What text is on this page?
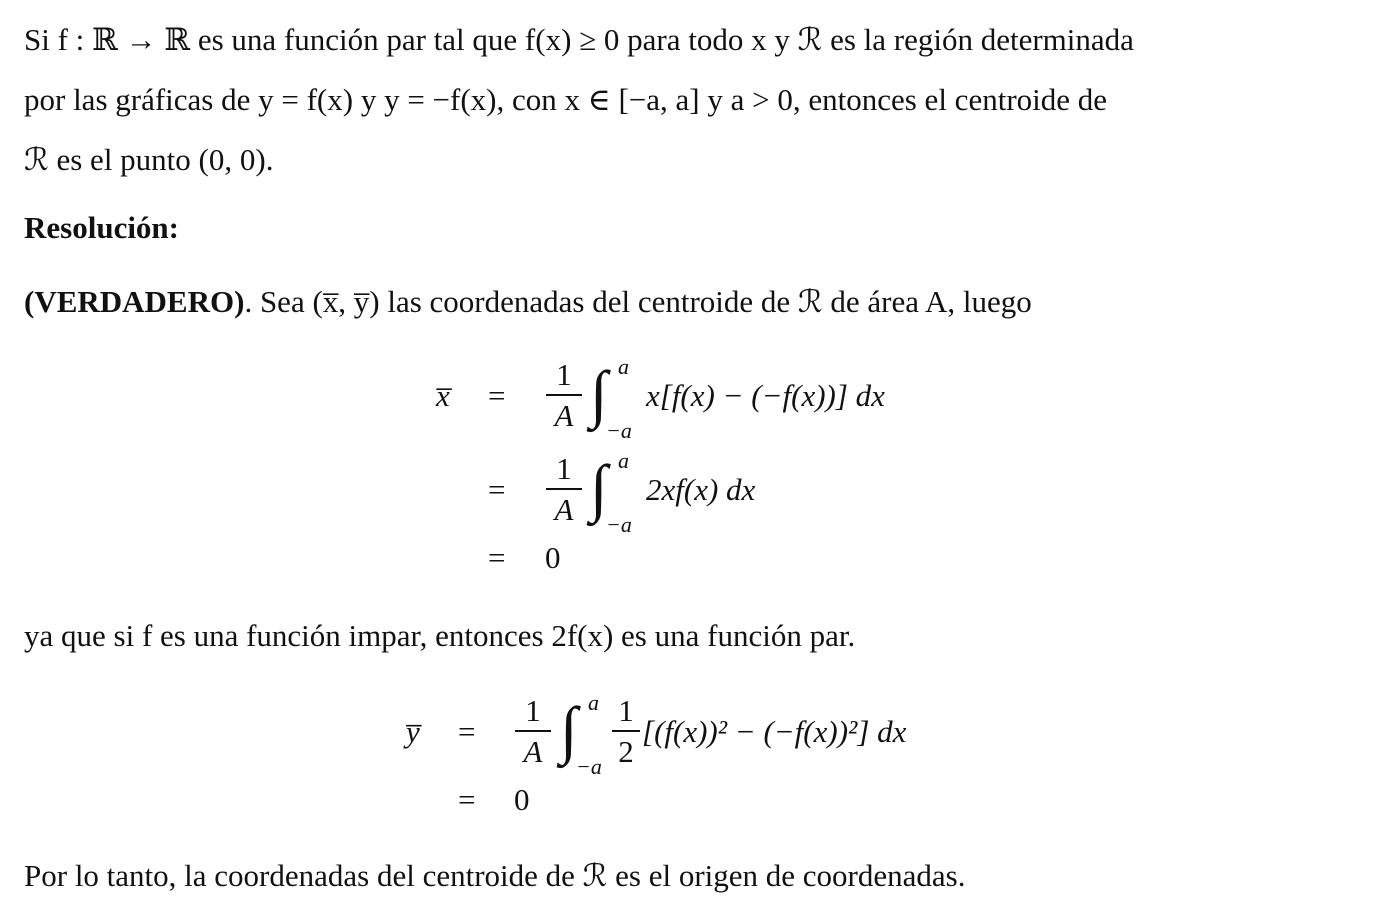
Si f : ℝ → ℝ es una función par tal que f(x) ≥ 0 para todo x y ℛ es la región determinada
por las gráficas de y = f(x) y y = −f(x), con x ∈ [−a, a] y a > 0, entonces el centroide de
ℛ es el punto (0, 0).
Resolución:
(VERDADERO). Sea (x̅, y̅) las coordenadas del centroide de ℛ de área A, luego
x̅ = $\frac{1}{A}$ ∫ a
−a
x[f(x) − (−f(x))] dx
= $\frac{1}{A}$ ∫ a
−a
2xf(x) dx
= 0
ya que si f es una función impar, entonces 2f(x) es una función par.
y̅ = $\frac{1}{A}$ ∫ a
$-a \frac{1}{2} [(f(x))^2 - (-f(x))^2]$ dx
= 0
Por lo tanto, la coordenadas del centroide de ℛ es el origen de coordenadas.
